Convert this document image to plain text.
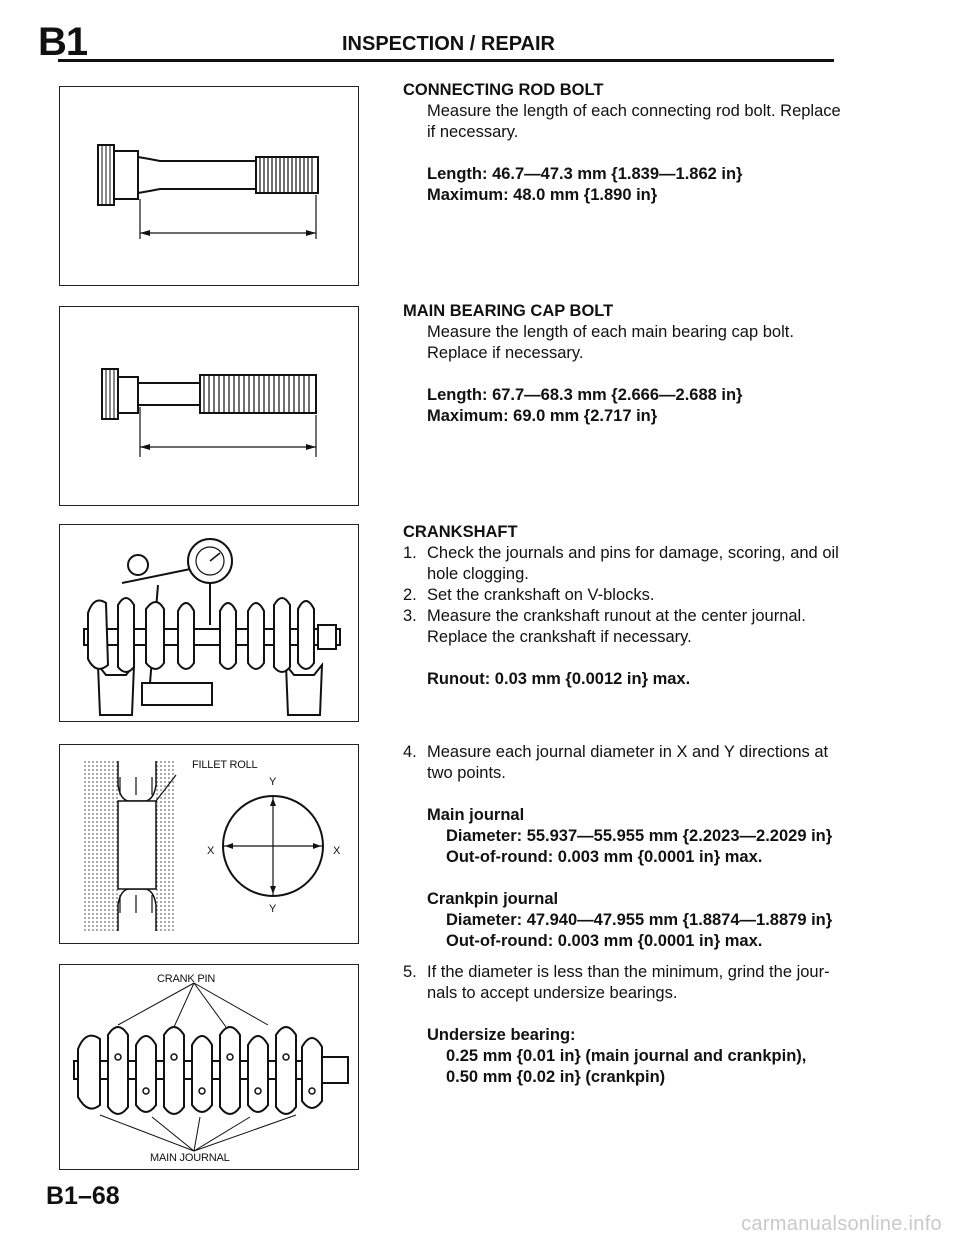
B1	INSPECTION / REPAIR
FILLET ROLL
Y
Y
X	X
CRANK PIN
MAIN JOURNAL
CONNECTING ROD BOLT
Measure the length of each connecting rod bolt. Replace
if necessary.
Length: 46.7—47.3 mm {1.839—1.862 in}
Maximum: 48.0 mm {1.890 in}
MAIN BEARING CAP BOLT
Measure the length of each main bearing cap bolt.
Replace if necessary.
Length: 67.7—68.3 mm {2.666—2.688 in}
Maximum: 69.0 mm {2.717 in}
CRANKSHAFT
1. Check the journals and pins for damage, scoring, and oil
hole clogging.
2. Set the crankshaft on V-blocks.
3. Measure the crankshaft runout at the center journal.
Replace the crankshaft if necessary.
Runout: 0.03 mm {0.0012 in} max.
4. Measure each journal diameter in X and Y directions at
two points.
Main journal
Diameter: 55.937—55.955 mm {2.2023—2.2029 in}
Out-of-round: 0.003 mm {0.0001 in} max.
Crankpin journal
Diameter: 47.940—47.955 mm {1.8874—1.8879 in}
Out-of-round: 0.003 mm {0.0001 in} max.
5. If the diameter is less than the minimum, grind the jour-
nals to accept undersize bearings.
Undersize bearing:
0.25 mm {0.01 in} (main journal and crankpin),
0.50 mm {0.02 in} (crankpin)
B1–68
carmanualsonline.info
